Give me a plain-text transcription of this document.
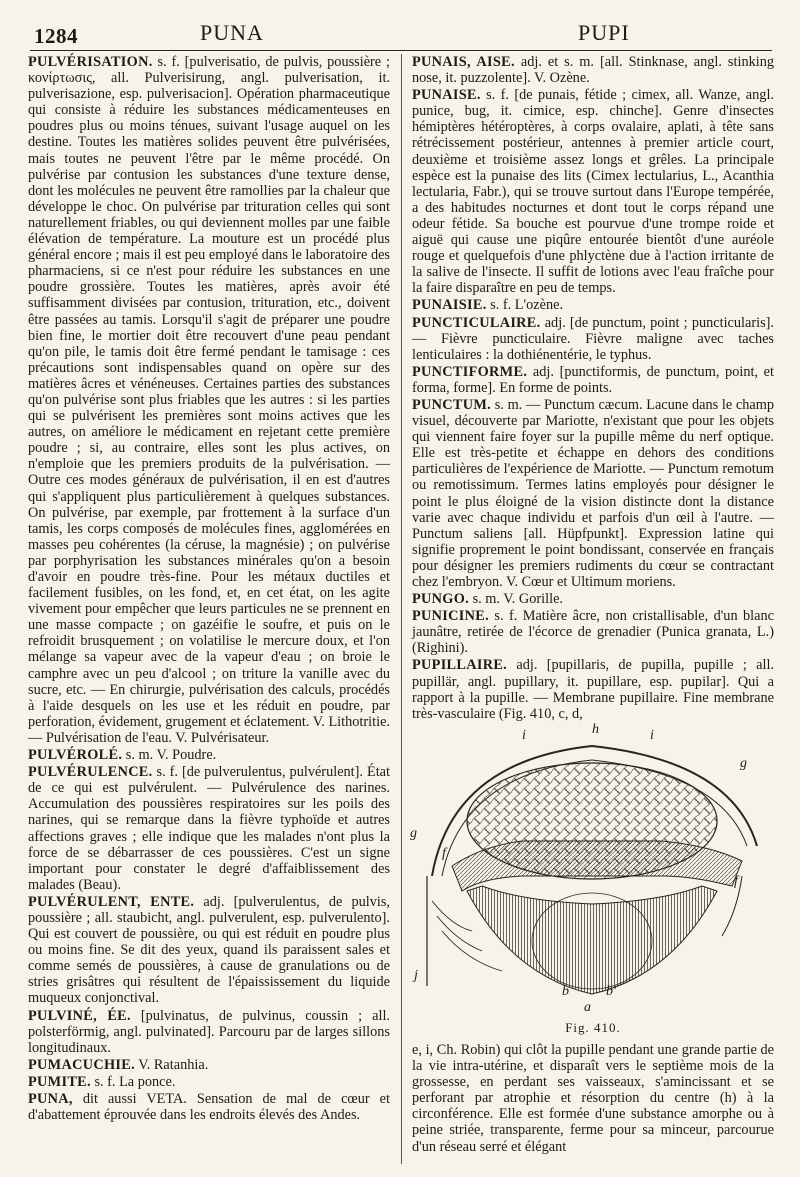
1284	PUNA	PUPI

PULVÉRISATION. s. f. [pulverisatio, de pulvis, poussière ; κονίρτωσις, all. Pulverisirung, angl. pulverisation, it. pulverisazione, esp. pulverisacion]. Opération pharmaceutique qui consiste à réduire les substances médicamenteuses en poudres plus ou moins ténues, suivant l'usage auquel on les destine. Toutes les matières solides peuvent être pulvérisées, mais toutes ne peuvent l'être par le même procédé. On pulvérise par contusion les substances d'une texture dense, dont les molécules ne peuvent être ramollies par la chaleur que développe le choc. On pulvérise par trituration celles qui sont naturellement friables, ou qui deviennent molles par une faible élévation de température. La mouture est un procédé plus général encore ; mais il est peu employé dans le laboratoire des pharmaciens, si ce n'est pour réduire les substances en une poudre grossière. Toutes les matières, après avoir été suffisamment divisées par contusion, trituration, etc., doivent être passées au tamis. Lorsqu'il s'agit de préparer une poudre bien fine, le mortier doit être recouvert d'une peau pendant qu'on pile, le tamis doit être fermé pendant le tamisage : ces précautions sont indispensables quand on opère sur des matières âcres et vénéneuses. Certaines parties des substances qu'on pulvérise sont plus friables que les autres : si les parties qui se pulvérisent les premières sont moins actives que les autres, on améliore le médicament en rejetant cette première poudre ; si, au contraire, elles sont les plus actives, on n'emploie que les premiers produits de la pulvérisation. — Outre ces modes généraux de pulvérisation, il en est d'autres qui s'appliquent plus particulièrement à quelques substances. On pulvérise, par exemple, par frottement à la surface d'un tamis, les corps composés de molécules fines, agglomérées en masses peu cohérentes (la céruse, la magnésie) ; on pulvérise par porphyrisation les substances minérales qu'on a besoin d'avoir en poudre très-fine. Pour les métaux ductiles et facilement fusibles, on les fond, et, en cet état, on les agite vivement pour empêcher que leurs particules ne se prennent en une masse compacte ; on gazéifie le soufre, et puis on le refroidit brusquement ; on volatilise le mercure doux, et l'on mélange sa vapeur avec de la vapeur d'eau ; on broie le camphre avec un peu d'alcool ; on triture la vanille avec du sucre, etc. — En chirurgie, pulvérisation des calculs, procédés à l'aide desquels on les use et les réduit en poudre, par perforation, évidement, grugement et éclatement. V. Lithotritie. — Pulvérisation de l'eau. V. Pulvérisateur.

PULVÉROLÉ. s. m. V. Poudre.

PULVÉRULENCE. s. f. [de pulverulentus, pulvérulent]. État de ce qui est pulvérulent. — Pulvérulence des narines. Accumulation des poussières respiratoires sur les poils des narines, qui se remarque dans la fièvre typhoïde et autres affections graves ; elle indique que les malades n'ont plus la force de se débarrasser de ces poussières. C'est un signe important pour constater le degré d'affaiblissement des malades (Beau).

PULVÉRULENT, ENTE. adj. [pulverulentus, de pulvis, poussière ; all. staubicht, angl. pulverulent, esp. pulverulento]. Qui est couvert de poussière, ou qui est réduit en poudre plus ou moins fine. Se dit des yeux, quand ils paraissent sales et comme semés de poussières, à cause de granulations ou de stries grisâtres qui résultent de l'épaississement du liquide muqueux conjonctival.

PULVINÉ, ÉE. [pulvinatus, de pulvinus, coussin ; all. polsterförmig, angl. pulvinated]. Parcouru par de larges sillons longitudinaux.

PUMACUCHIE. V. Ratanhia.

PUMITE. s. f. La ponce.

PUNA, dit aussi VETA. Sensation de mal de cœur et d'abattement éprouvée dans les endroits élevés des Andes.

PUNAIS, AISE. adj. et s. m. [all. Stinknase, angl. stinking nose, it. puzzolente]. V. Ozène.

PUNAISE. s. f. [de punais, fétide ; cimex, all. Wanze, angl. punice, bug, it. cimice, esp. chinche]. Genre d'insectes hémiptères hétéroptères, à corps ovalaire, aplati, à tête sans rétrécissement postérieur, antennes à premier article court, deuxième et troisième assez longs et grêles. La principale espèce est la punaise des lits (Cimex lectularius, L., Acanthia lectularia, Fabr.), qui se trouve surtout dans l'Europe tempérée, a des habitudes nocturnes et dont tout le corps répand une odeur fétide. Sa bouche est pourvue d'une trompe roide et aiguë qui cause une piqûre entourée bientôt d'une auréole rouge et quelquefois d'une phlyctène due à l'action irritante de la salive de l'insecte. Il suffit de lotions avec l'eau fraîche pour la faire disparaître en peu de temps.

PUNAISIE. s. f. L'ozène.

PUNCTICULAIRE. adj. [de punctum, point ; puncticularis]. — Fièvre puncticulaire. Fièvre maligne avec taches lenticulaires : la dothiénentérie, le typhus.

PUNCTIFORME. adj. [punctiformis, de punctum, point, et forma, forme]. En forme de points.

PUNCTUM. s. m. — Punctum cæcum. Lacune dans le champ visuel, découverte par Mariotte, n'existant que pour les objets qui viennent faire foyer sur la pupille même du nerf optique. Elle est très-petite et échappe en dehors des conditions particulières de l'expérience de Mariotte. — Punctum remotum ou remotissimum. Termes latins employés pour désigner le point le plus éloigné de la vision distincte dont la distance varie avec chaque individu et parfois d'un œil à l'autre. — Punctum saliens [all. Hüpfpunkt]. Expression latine qui signifie proprement le point bondissant, conservée en français pour désigner les premiers rudiments du cœur se contractant chez l'embryon. V. Cœur et Ultimum moriens.

PUNGO. s. m. V. Gorille.

PUNICINE. s. f. Matière âcre, non cristallisable, d'un blanc jaunâtre, retirée de l'écorce de grenadier (Punica granata, L.) (Righini).

PUPILLAIRE. adj. [pupillaris, de pupilla, pupille ; all. pupillär, angl. pupillary, it. pupillare, esp. pupilar]. Qui a rapport à la pupille. — Membrane pupillaire. Fine membrane très-vasculaire (Fig. 410, c, d,

i	h	i
g
g
f
f
j
b	b'
a
Fig. 410.

e, i, Ch. Robin) qui clôt la pupille pendant une grande partie de la vie intra-utérine, et disparaît vers le septième mois de la grossesse, en perdant ses vaisseaux, s'amincissant et se perforant par atrophie et résorption du centre (h) à la circonférence. Elle est formée d'une substance amorphe ou à peine striée, transparente, ferme pour sa minceur, parcourue d'un réseau serré et élégant
